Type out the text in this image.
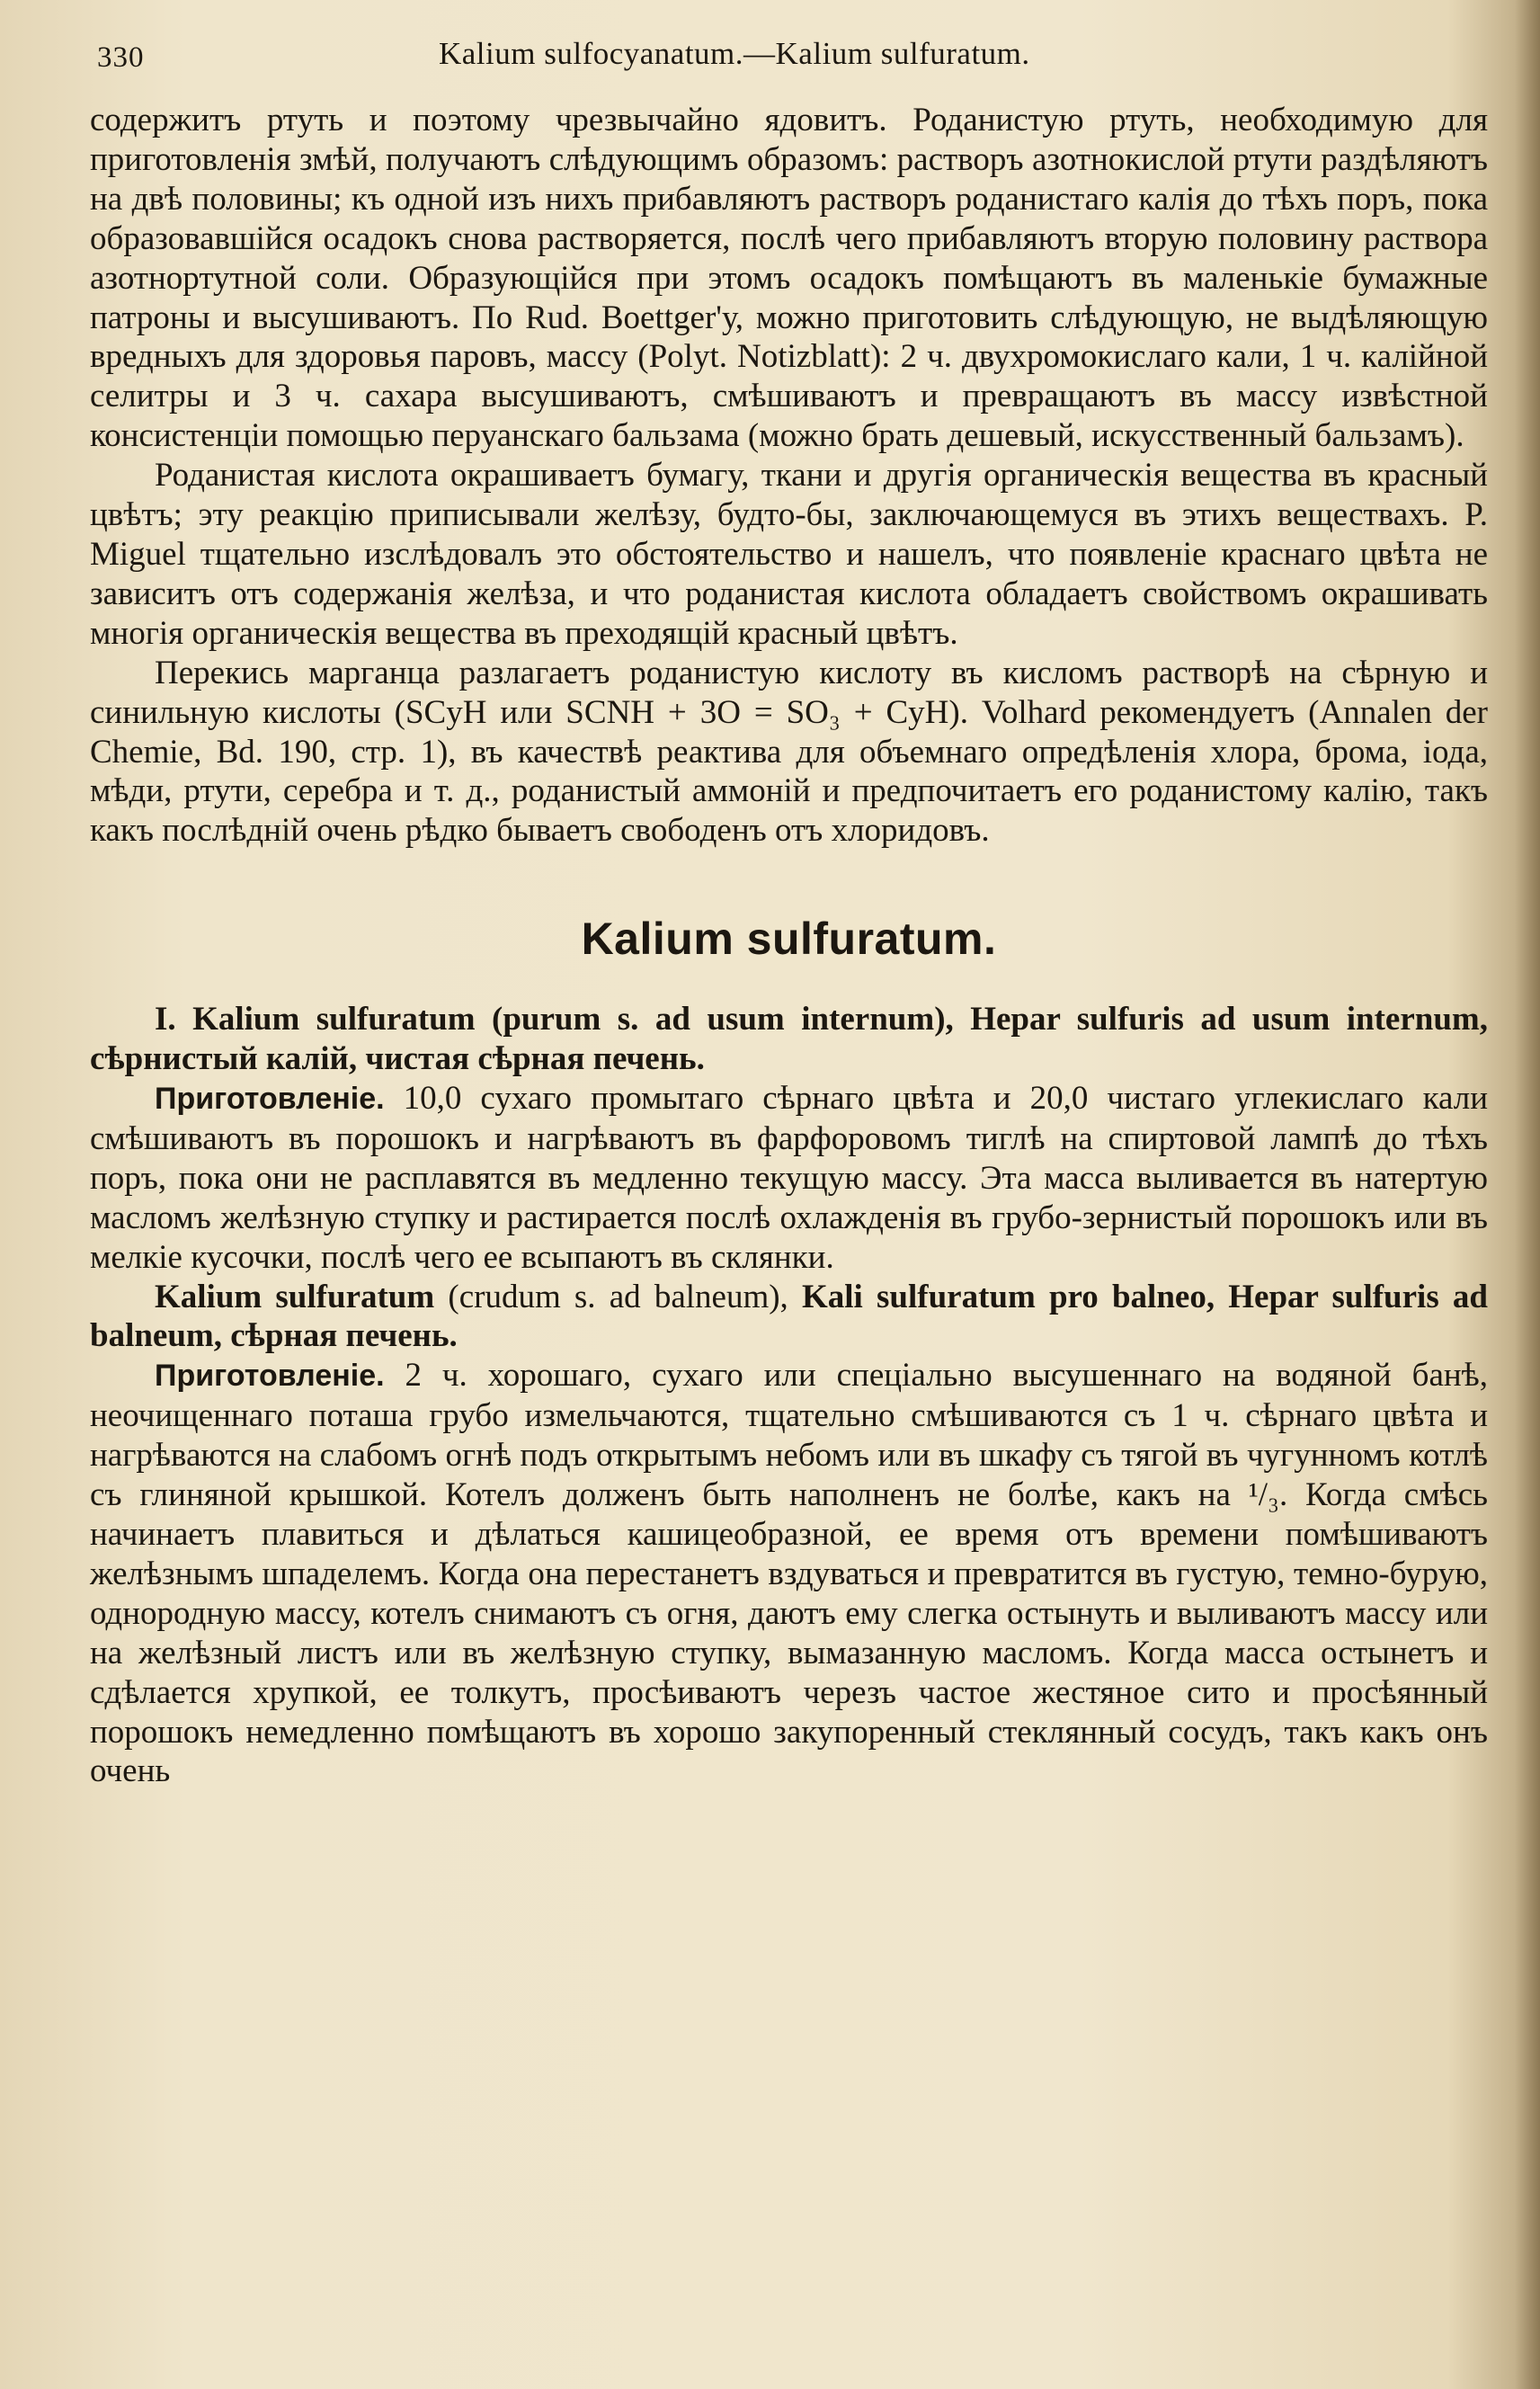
330	Kalium sulfocyanatum.—Kalium sulfuratum.

содержитъ ртуть и поэтому чрезвычайно ядовитъ. Роданистую ртуть, необходимую для приготовленія змѣй, получаютъ слѣдующимъ образомъ: растворъ азотнокислой ртути раздѣляютъ на двѣ половины; къ одной изъ нихъ прибавляютъ растворъ роданистаго калія до тѣхъ поръ, пока образовавшійся осадокъ снова растворяется, послѣ чего прибавляютъ вторую половину раствора азотнортутной соли. Образующійся при этомъ осадокъ помѣщаютъ въ маленькіе бумажные патроны и высушиваютъ. По Rud. Boettger'у, можно приготовить слѣдующую, не выдѣляющую вредныхъ для здоровья паровъ, массу (Polyt. Notizblatt): 2 ч. двухромокислаго кали, 1 ч. калійной селитры и 3 ч. сахара высушиваютъ, смѣшиваютъ и превращаютъ въ массу извѣстной консистенціи помощью перуанскаго бальзама (можно брать дешевый, искусственный бальзамъ).

Роданистая кислота окрашиваетъ бумагу, ткани и другія органическія вещества въ красный цвѣтъ; эту реакцію приписывали желѣзу, будто-бы, заключающемуся въ этихъ веществахъ. P. Miguel тщательно изслѣдовалъ это обстоятельство и нашелъ, что появленіе краснаго цвѣта не зависитъ отъ содержанія желѣза, и что роданистая кислота обладаетъ свойствомъ окрашивать многія органическія вещества въ преходящій красный цвѣтъ.

Перекись марганца разлагаетъ роданистую кислоту въ кисломъ растворѣ на сѣрную и синильную кислоты (SCyH или SCNH + 3O = SO₃ + CyH). Volhard рекомендуетъ (Annalen der Chemie, Bd. 190, стр. 1), въ качествѣ реактива для объемнаго опредѣленія хлора, брома, іода, мѣди, ртути, серебра и т. д., роданистый аммоній и предпочитаетъ его роданистому калію, такъ какъ послѣдній очень рѣдко бываетъ свободенъ отъ хлоридовъ.

Kalium sulfuratum.

I. Kalium sulfuratum (purum s. ad usum internum), Hepar sulfuris ad usum internum, сѣрнистый калій, чистая сѣрная печень.

Приготовленіе. 10,0 сухаго промытаго сѣрнаго цвѣта и 20,0 чистаго углекислаго кали смѣшиваютъ въ порошокъ и нагрѣваютъ въ фарфоровомъ тиглѣ на спиртовой лампѣ до тѣхъ поръ, пока они не расплавятся въ медленно текущую массу. Эта масса выливается въ натертую масломъ желѣзную ступку и растирается послѣ охлажденія въ грубо-зернистый порошокъ или въ мелкіе кусочки, послѣ чего ее всыпаютъ въ склянки.

Kalium sulfuratum (crudum s. ad balneum), Kali sulfuratum pro balneo, Hepar sulfuris ad balneum, сѣрная печень.

Приготовленіе. 2 ч. хорошаго, сухаго или спеціально высушеннаго на водяной банѣ, неочищеннаго поташа грубо измельчаются, тщательно смѣшиваются съ 1 ч. сѣрнаго цвѣта и нагрѣваются на слабомъ огнѣ подъ открытымъ небомъ или въ шкафу съ тягой въ чугунномъ котлѣ съ глиняной крышкой. Котелъ долженъ быть наполненъ не болѣе, какъ на ¹/₃. Когда смѣсь начинаетъ плавиться и дѣлаться кашицеобразной, ее время отъ времени помѣшиваютъ желѣзнымъ шпаделемъ. Когда она перестанетъ вздуваться и превратится въ густую, темно-бурую, однородную массу, котелъ снимаютъ съ огня, даютъ ему слегка остынуть и выливаютъ массу или на желѣзный листъ или въ желѣзную ступку, вымазанную масломъ. Когда масса остынетъ и сдѣлается хрупкой, ее толкутъ, просѣиваютъ черезъ частое жестяное сито и просѣянный порошокъ немедленно помѣщаютъ въ хорошо закупоренный стеклянный сосудъ, такъ какъ онъ очень
